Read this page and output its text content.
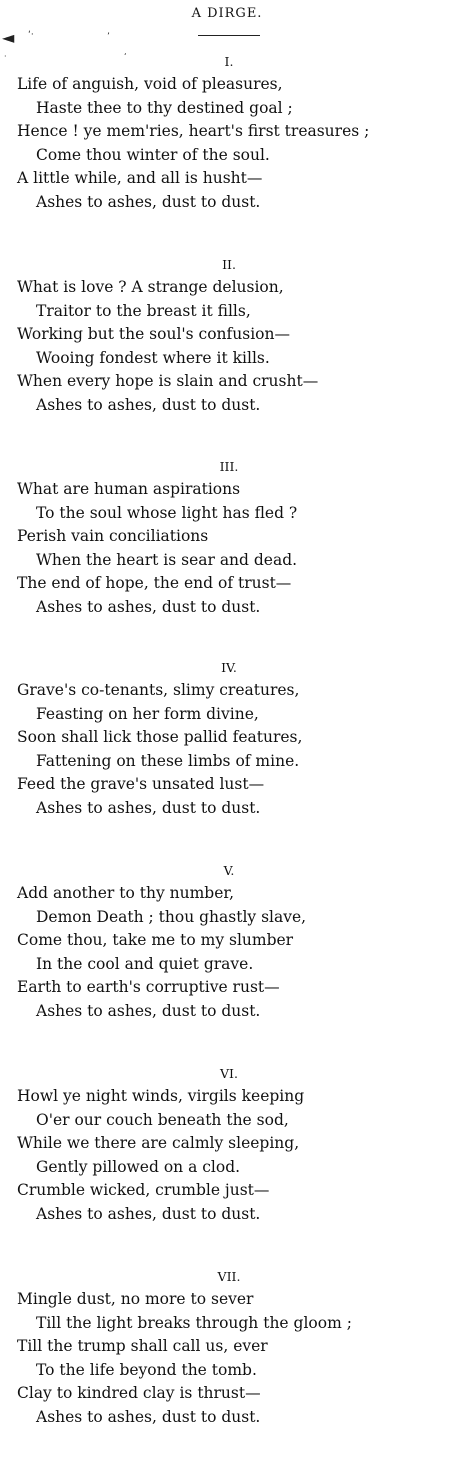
A DIRGE.
◄ ‘·	’
·	‘	I.
Life of anguish, void of pleasures,
Haste thee to thy destined goal ;
Hence ! ye mem'ries, heart's first treasures ;
Come thou winter of the soul.
A little while, and all is husht—
Ashes to ashes, dust to dust.
II.
What is love ? A strange delusion,
Traitor to the breast it fills,
Working but the soul's confusion—
Wooing fondest where it kills.
When every hope is slain and crusht—
Ashes to ashes, dust to dust.
III.
What are human aspirations
To the soul whose light has fled ?
Perish vain conciliations
When the heart is sear and dead.
The end of hope, the end of trust—
Ashes to ashes, dust to dust.
IV.
Grave's co-tenants, slimy creatures,
Feasting on her form divine,
Soon shall lick those pallid features,
Fattening on these limbs of mine.
Feed the grave's unsated lust—
Ashes to ashes, dust to dust.
V.
Add another to thy number,
Demon Death ; thou ghastly slave,
Come thou, take me to my slumber
In the cool and quiet grave.
Earth to earth's corruptive rust—
Ashes to ashes, dust to dust.
VI.
Howl ye night winds, virgils keeping
O'er our couch beneath the sod,
While we there are calmly sleeping,
Gently pillowed on a clod.
Crumble wicked, crumble just—
Ashes to ashes, dust to dust.
VII.
Mingle dust, no more to sever
Till the light breaks through the gloom ;
Till the trump shall call us, ever
To the life beyond the tomb.
Clay to kindred clay is thrust—
Ashes to ashes, dust to dust.
